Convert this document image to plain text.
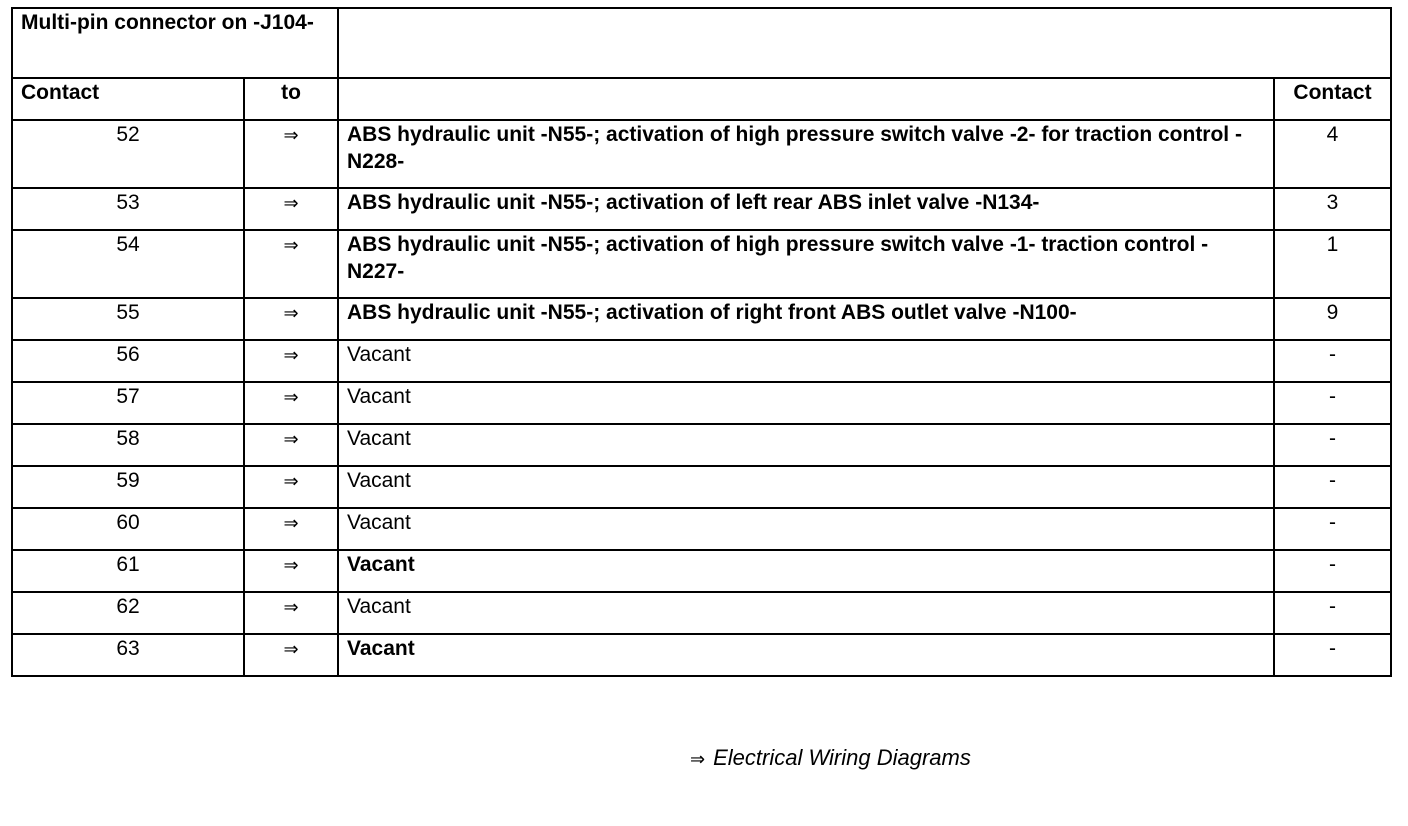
Multi-pin connector on -J104-			
Contact	to		Contact
52	⇒	ABS hydraulic unit -N55-; activation of high pressure switch valve -2- for traction control -N228-	4
53	⇒	ABS hydraulic unit -N55-; activation of left rear ABS inlet valve -N134-	3
54	⇒	ABS hydraulic unit -N55-; activation of high pressure switch valve -1- traction control -N227-	1
55	⇒	ABS hydraulic unit -N55-; activation of right front ABS outlet valve -N100-	9
56	⇒	Vacant	-
57	⇒	Vacant	-
58	⇒	Vacant	-
59	⇒	Vacant	-
60	⇒	Vacant	-
61	⇒	Vacant	-
62	⇒	Vacant	-
63	⇒	Vacant	-
⇒ Electrical Wiring Diagrams
